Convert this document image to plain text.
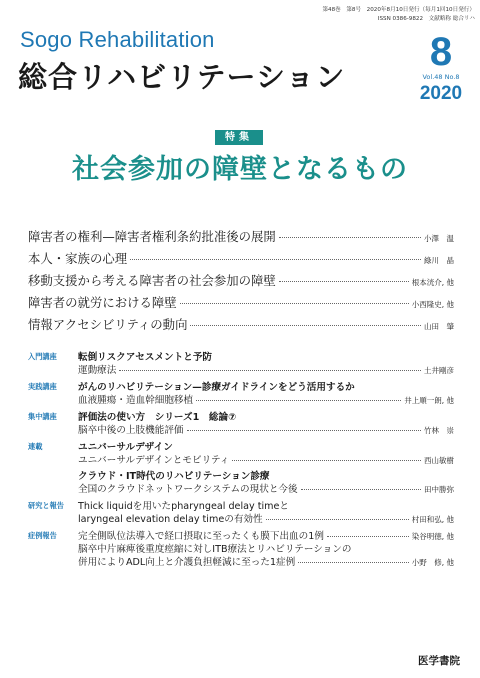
第48巻　第8号　2020年8月10日発行（毎月1回10日発行）
ISSN 0386-9822　文献略称 総合リハ
Sogo Rehabilitation
総合リハビリテーション
8
Vol.48 No.8
2020
特集
社会参加の障壁となるもの
障害者の権利—障害者権利条約批准後の展開	小澤　温
本人・家族の心理	綠川　晶
移動支援から考える障害者の社会参加の障壁	根本洸介, 他
障害者の就労における障壁	小西隆史, 他
情報アクセシビリティの動向	山田　肇
入門講座	転倒リスクアセスメントと予防
運動療法	土井剛彦
実践講座	がんのリハビリテーション—診療ガイドラインをどう活用するか
血液腫瘍・造血幹細胞移植	井上順一朗, 他
集中講座	評価法の使い方　シリーズ1　総論⑦
脳卒中後の上肢機能評価	竹林　崇
連載	ユニバーサルデザイン
ユニバーサルデザインとモビリティ	西山敏樹
クラウド・IT時代のリハビリテーション診療
全国のクラウドネットワークシステムの現状と今後	田中勝弥
研究と報告	Thick liquidを用いたpharyngeal delay timeと
laryngeal elevation delay timeの有効性	村田和弘, 他
症例報告	完全側臥位法導入で経口摂取に至ったくも膜下出血の1例	染谷明徳, 他
脳卒中片麻痺後重度痙縮に対しITB療法とリハビリテーションの
併用によりADL向上と介護負担軽減に至った1症例	小野　修, 他
医学書院
